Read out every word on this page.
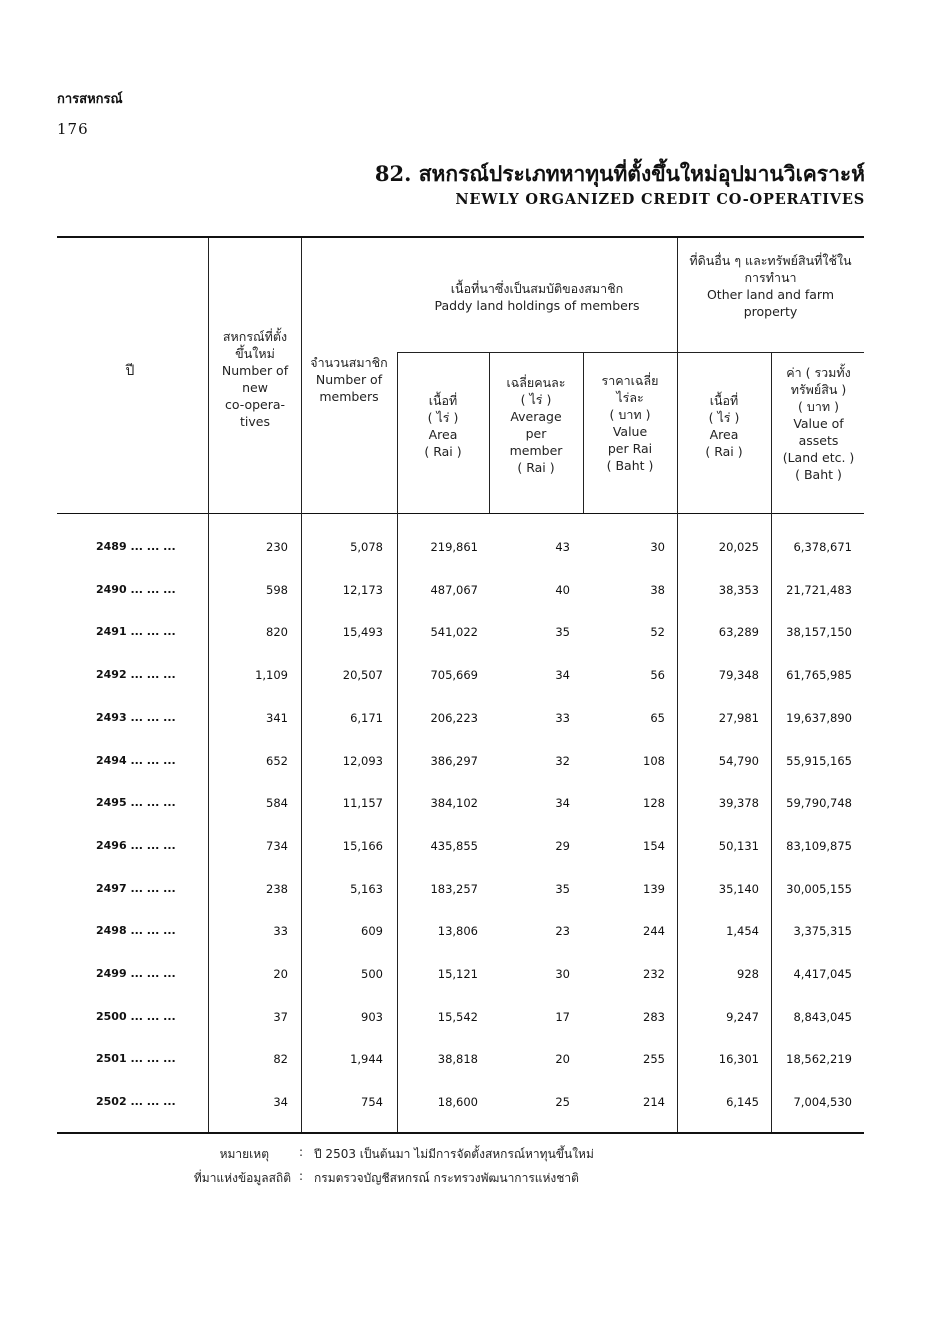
การสหกรณ์
176
82. สหกรณ์ประเภทหาทุนที่ตั้งขึ้นใหม่อุปมานวิเคราะห์
NEWLY ORGANIZED CREDIT CO-OPERATIVES
ปี
สหกรณ์ที่ตั้ง
ขึ้นใหม่
Number of
new
co-opera-
tives
จำนวนสมาชิก
Number of
members
เนื้อที่นาซึ่งเป็นสมบัติของสมาชิก
Paddy land holdings of members
เนื้อที่
( ไร่ )
Area
( Rai )
เฉลี่ยคนละ
( ไร่ )
Average
per
member
( Rai )
ราคาเฉลี่ย
ไร่ละ
( บาท )
Value
per Rai
( Baht )
ที่ดินอื่น ๆ และทรัพย์สินที่ใช้ใน
การทำนา
Other land and farm
property
เนื้อที่
( ไร่ )
Area
( Rai )
ค่า ( รวมทั้ง
ทรัพย์สิน )
( บาท )
Value of
assets
(Land etc. )
( Baht )
2489 ... ... ...	230	5,078	219,861	43	30	20,025	6,378,671
2490 ... ... ...	598	12,173	487,067	40	38	38,353	21,721,483
2491 ... ... ...	820	15,493	541,022	35	52	63,289	38,157,150
2492 ... ... ...	1,109	20,507	705,669	34	56	79,348	61,765,985
2493 ... ... ...	341	6,171	206,223	33	65	27,981	19,637,890
2494 ... ... ...	652	12,093	386,297	32	108	54,790	55,915,165
2495 ... ... ...	584	11,157	384,102	34	128	39,378	59,790,748
2496 ... ... ...	734	15,166	435,855	29	154	50,131	83,109,875
2497 ... ... ...	238	5,163	183,257	35	139	35,140	30,005,155
2498 ... ... ...	33	609	13,806	23	244	1,454	3,375,315
2499 ... ... ...	20	500	15,121	30	232	928	4,417,045
2500 ... ... ...	37	903	15,542	17	283	9,247	8,843,045
2501 ... ... ...	82	1,944	38,818	20	255	16,301	18,562,219
2502 ... ... ...	34	754	18,600	25	214	6,145	7,004,530
หมายเหตุ	: ปี 2503 เป็นต้นมา ไม่มีการจัดตั้งสหกรณ์หาทุนขึ้นใหม่
ที่มาแห่งข้อมูลสถิติ : กรมตรวจบัญชีสหกรณ์ กระทรวงพัฒนาการแห่งชาติ
